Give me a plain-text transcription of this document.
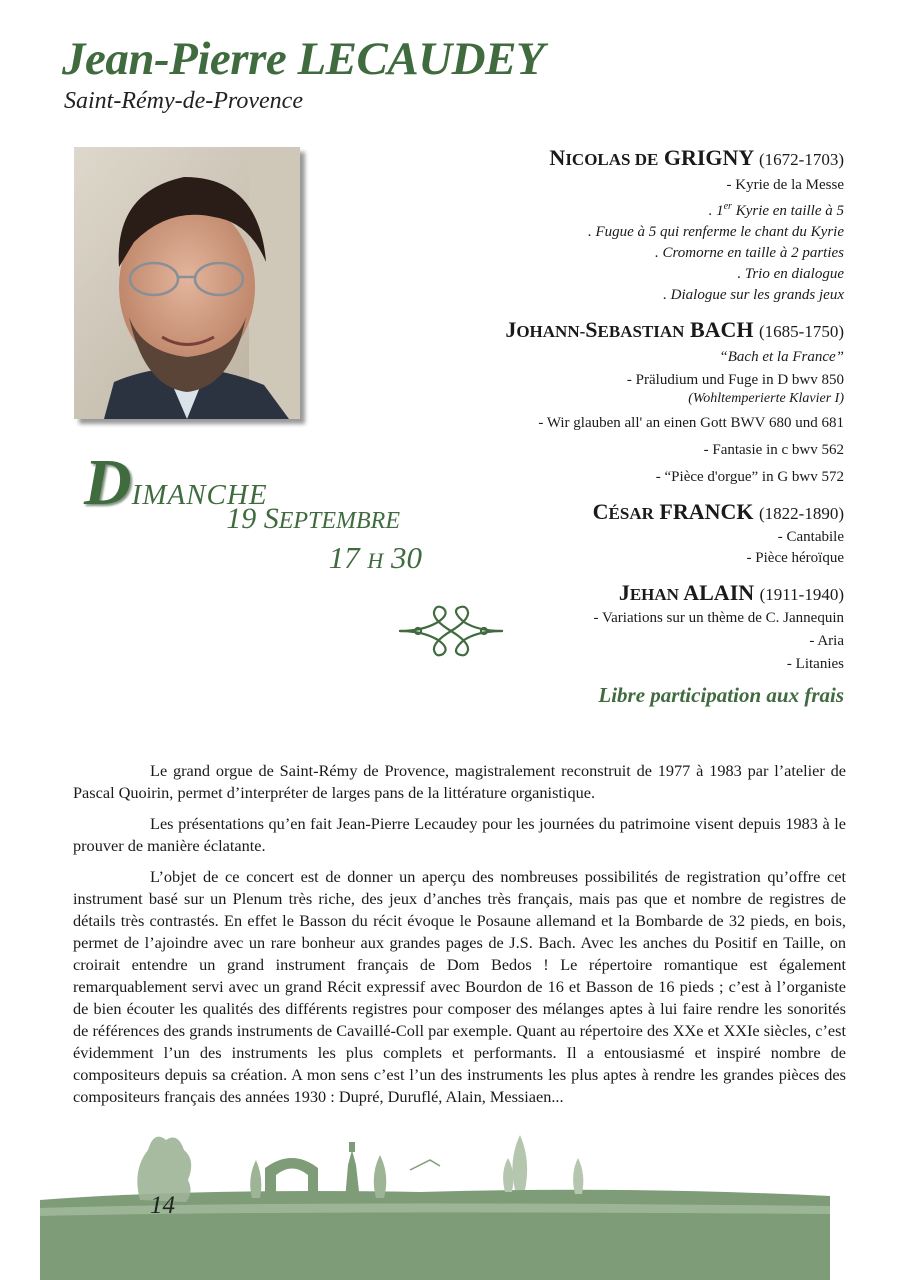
Jean-Pierre LECAUDEY
Saint-Rémy-de-Provence
DIMANCHE
19 SEPTEMBRE
17 H 30
NICOLAS DE GRIGNY (1672-1703)
- Kyrie de la Messe
. 1er Kyrie en taille à 5
. Fugue à 5 qui renferme le chant du Kyrie
. Cromorne en taille à 2 parties
. Trio en dialogue
. Dialogue sur les grands jeux
JOHANN-SEBASTIAN BACH (1685-1750)
“Bach et la France”
- Präludium und Fuge in D bwv 850
(Wohltemperierte Klavier I)
- Wir glauben all' an einen Gott BWV 680 und 681
- Fantasie in c bwv 562
- “Pièce d'orgue” in G bwv 572
CÉSAR FRANCK (1822-1890)
- Cantabile
- Pièce héroïque
JEHAN ALAIN (1911-1940)
- Variations sur un thème de C. Jannequin
- Aria
- Litanies
Libre participation aux frais

Le grand orgue de Saint-Rémy de Provence, magistralement reconstruit de 1977 à 1983 par l’atelier de Pascal Quoirin, permet d’interpréter de larges pans de la littérature organistique.

Les présentations qu’en fait Jean-Pierre Lecaudey pour les journées du patrimoine visent depuis 1983 à le prouver de manière éclatante.

L’objet de ce concert est de donner un aperçu des nombreuses possibilités de registration qu’offre cet instrument basé sur un Plenum très riche, des jeux d’anches très français, mais pas que et nombre de registres de détails très contrastés. En effet le Basson du récit évoque le Posaune allemand et la Bombarde de 32 pieds, en bois, permet de l’ajoindre avec un rare bonheur aux grandes pages de J.S. Bach. Avec les anches du Positif en Taille, on croirait entendre un grand instrument français de Dom Bedos ! Le répertoire romantique est également remarquablement servi avec un grand Récit expressif avec Bourdon de 16 et Basson de 16 pieds ; c’est à l’organiste de bien écouter les qualités des différents registres pour composer des mélanges aptes à lui faire rendre les sonorités de références des grands instruments de Cavaillé-Coll par exemple. Quant au répertoire des XXe et XXIe siècles, c’est évidemment l’un des instruments les plus complets et performants. Il a entousiasmé et inspiré nombre de compositeurs depuis sa création. A mon sens c’est l’un des instruments les plus aptes à rendre les grandes pièces des compositeurs français des années 1930 : Dupré, Duruflé, Alain, Messiaen...

14
